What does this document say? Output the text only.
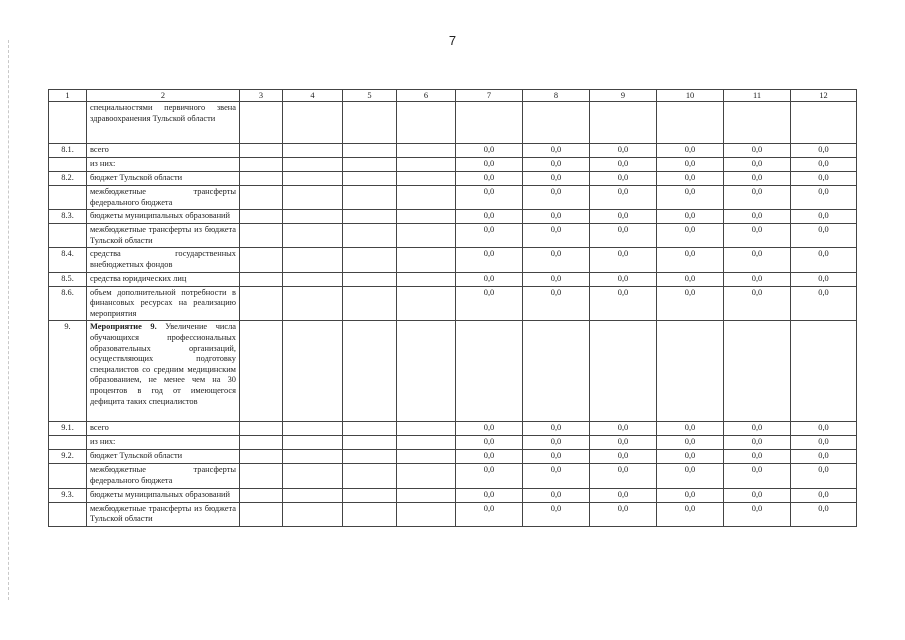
7
1	2	3	4	5	6	7	8	9	10	11	12
	специальностями первичного звена здравоохранения Тульской области										
8.1.	всего					0,0	0,0	0,0	0,0	0,0	0,0
	из них:					0,0	0,0	0,0	0,0	0,0	0,0
8.2.	бюджет Тульской области					0,0	0,0	0,0	0,0	0,0	0,0
	межбюджетные трансферты федерального бюджета					0,0	0,0	0,0	0,0	0,0	0,0
8.3.	бюджеты муниципальных образований					0,0	0,0	0,0	0,0	0,0	0,0
	межбюджетные трансферты из бюджета Тульской области					0,0	0,0	0,0	0,0	0,0	0,0
8.4.	средства государственных внебюджетных фондов					0,0	0,0	0,0	0,0	0,0	0,0
8.5.	средства юридических лиц					0,0	0,0	0,0	0,0	0,0	0,0
8.6.	объем дополнительной потребности в финансовых ресурсах на реализацию мероприятия					0,0	0,0	0,0	0,0	0,0	0,0
9.	Мероприятие 9. Увеличение числа обучающихся профессиональных образовательных организаций, осуществляющих подготовку специалистов со средним медицинским образованием, не менее чем на 30 процентов в год от имеющегося дефицита таких специалистов										
9.1.	всего					0,0	0,0	0,0	0,0	0,0	0,0
	из них:					0,0	0,0	0,0	0,0	0,0	0,0
9.2.	бюджет Тульской области					0,0	0,0	0,0	0,0	0,0	0,0
	межбюджетные трансферты федерального бюджета					0,0	0,0	0,0	0,0	0,0	0,0
9.3.	бюджеты муниципальных образований					0,0	0,0	0,0	0,0	0,0	0,0
	межбюджетные трансферты из бюджета Тульской области					0,0	0,0	0,0	0,0	0,0	0,0
